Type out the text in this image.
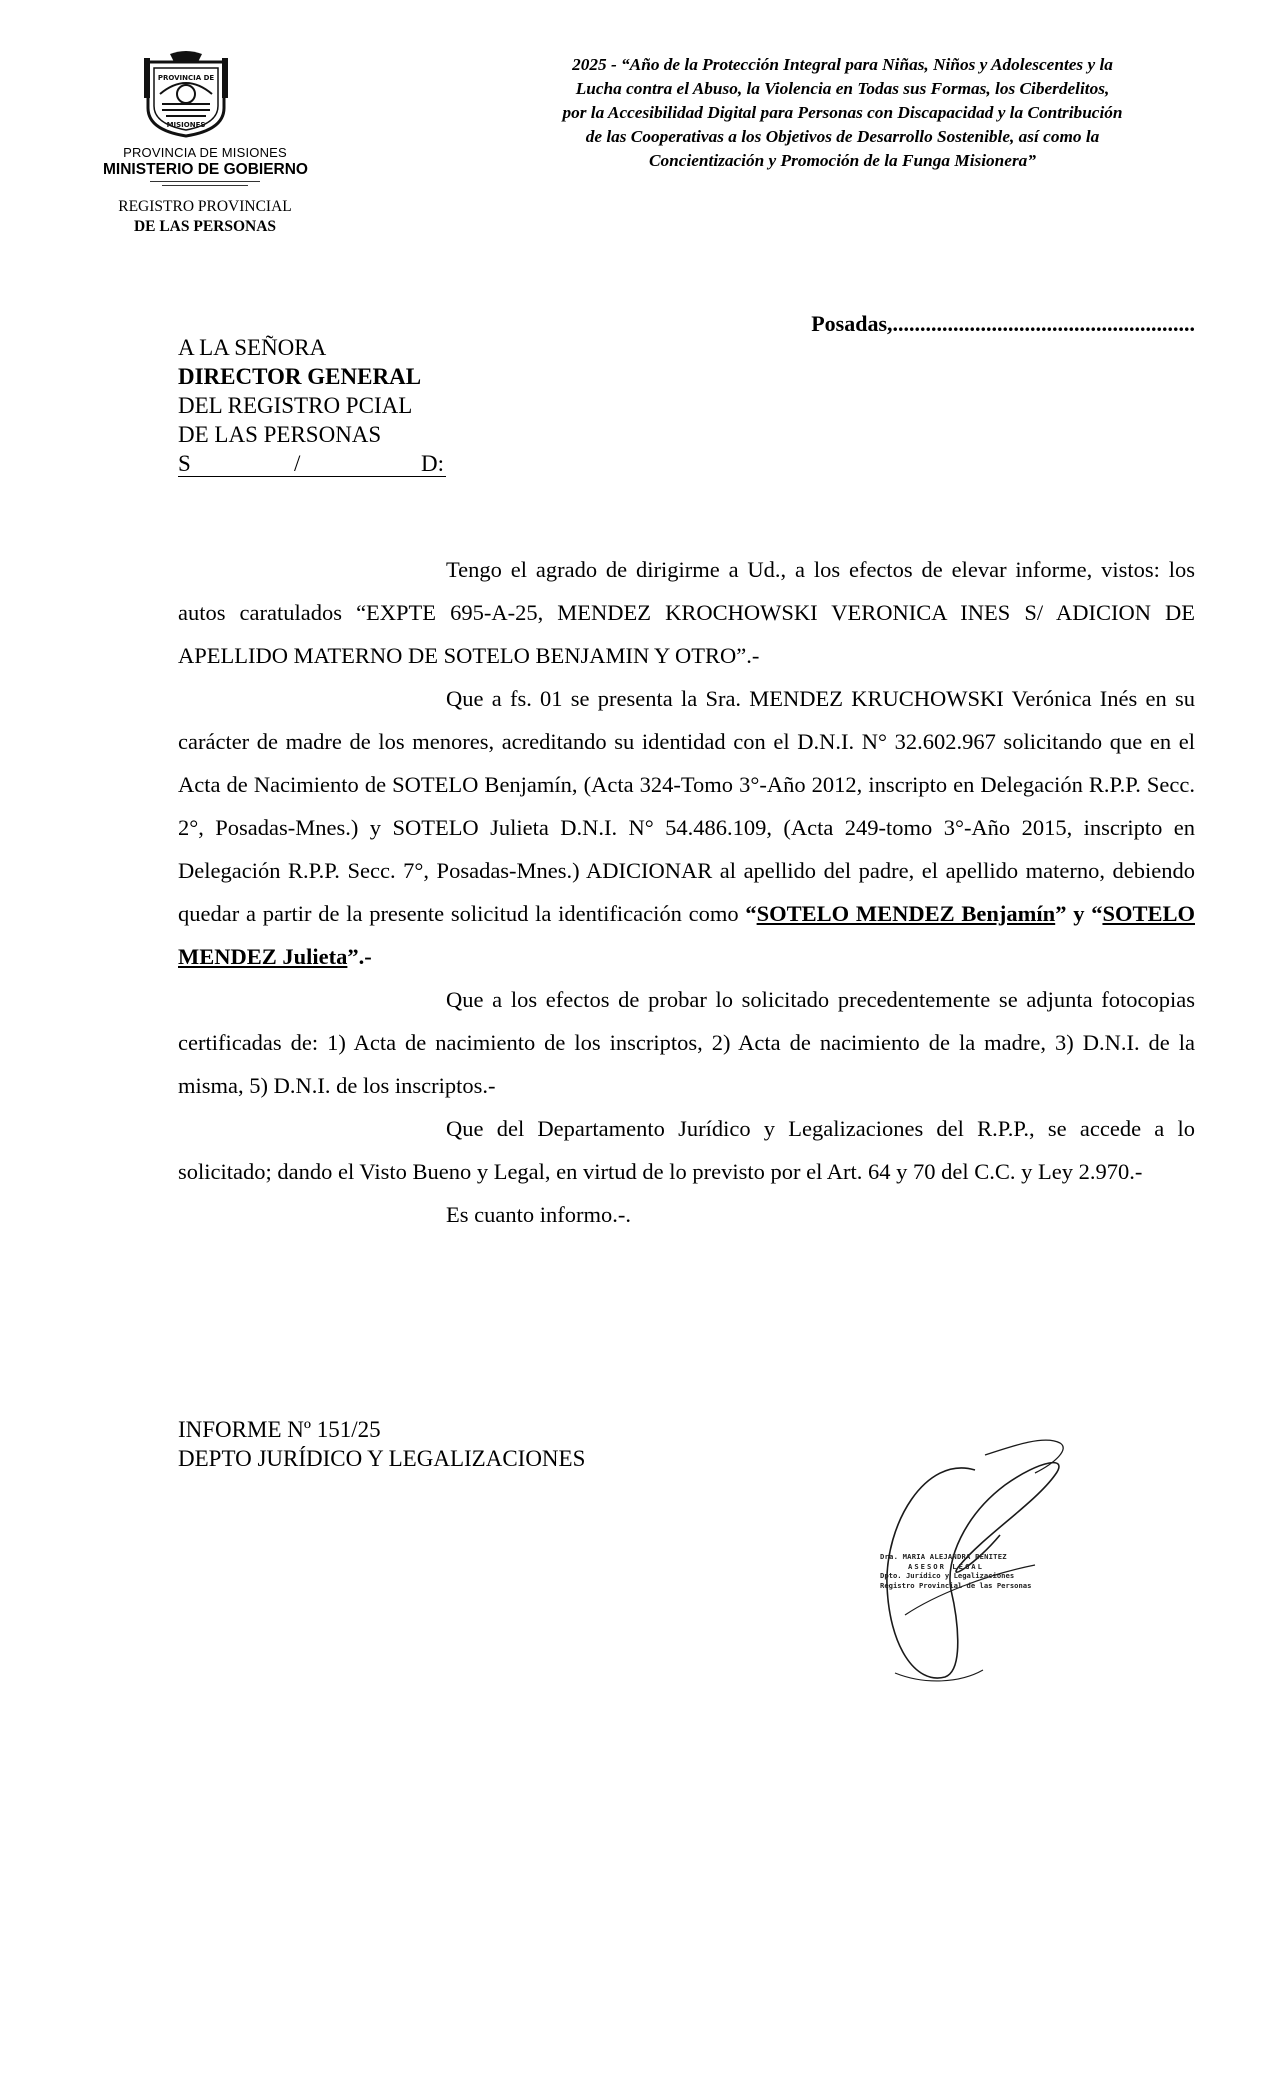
PROVINCIA DE
MISIONES
PROVINCIA DE MISIONES
MINISTERIO DE GOBIERNO
REGISTRO PROVINCIAL
DE LAS PERSONAS
2025 - “Año de la Protección Integral para Niñas, Niños y Adolescentes y la
Lucha contra el Abuso, la Violencia en Todas sus Formas, los Ciberdelitos,
por la Accesibilidad Digital para Personas con Discapacidad y la Contribución
de las Cooperativas a los Objetivos de Desarrollo Sostenible, así como la
Concientización y Promoción de la Funga Misionera”
Posadas,.......................................................
A LA SEÑORA
DIRECTOR GENERAL
DEL REGISTRO PCIAL
DE LAS PERSONAS
S	/	D:

Tengo el agrado de dirigirme a Ud., a los efectos de elevar informe, vistos: los autos caratulados “EXPTE 695-A-25, MENDEZ KROCHOWSKI VERONICA INES S/ ADICION DE APELLIDO MATERNO DE SOTELO BENJAMIN Y OTRO”.-

Que a fs. 01 se presenta la Sra. MENDEZ KRUCHOWSKI Verónica Inés en su carácter de madre de los menores, acreditando su identidad con el D.N.I. N° 32.602.967 solicitando que en el Acta de Nacimiento de SOTELO Benjamín, (Acta 324-Tomo 3°-Año 2012, inscripto en Delegación R.P.P. Secc. 2°, Posadas-Mnes.) y SOTELO Julieta D.N.I. N° 54.486.109, (Acta 249-tomo 3°-Año 2015, inscripto en Delegación R.P.P. Secc. 7°, Posadas-Mnes.) ADICIONAR al apellido del padre, el apellido materno, debiendo quedar a partir de la presente solicitud la identificación como “SOTELO MENDEZ Benjamín” y “SOTELO MENDEZ Julieta”.-

Que a los efectos de probar lo solicitado precedentemente se adjunta fotocopias certificadas de: 1) Acta de nacimiento de los inscriptos, 2) Acta de nacimiento de la madre, 3) D.N.I. de la misma, 5) D.N.I. de los inscriptos.-

Que del Departamento Jurídico y Legalizaciones del R.P.P., se accede a lo solicitado; dando el Visto Bueno y Legal, en virtud de lo previsto por el Art. 64 y 70 del C.C. y Ley 2.970.-

Es cuanto informo.-.

INFORME Nº 151/25
DEPTO JURÍDICO Y LEGALIZACIONES
Dra. MARIA ALEJANDRA BENITEZ
ASESOR LEGAL
Dpto. Jurídico y Legalizaciones
Registro Provincial de las Personas
